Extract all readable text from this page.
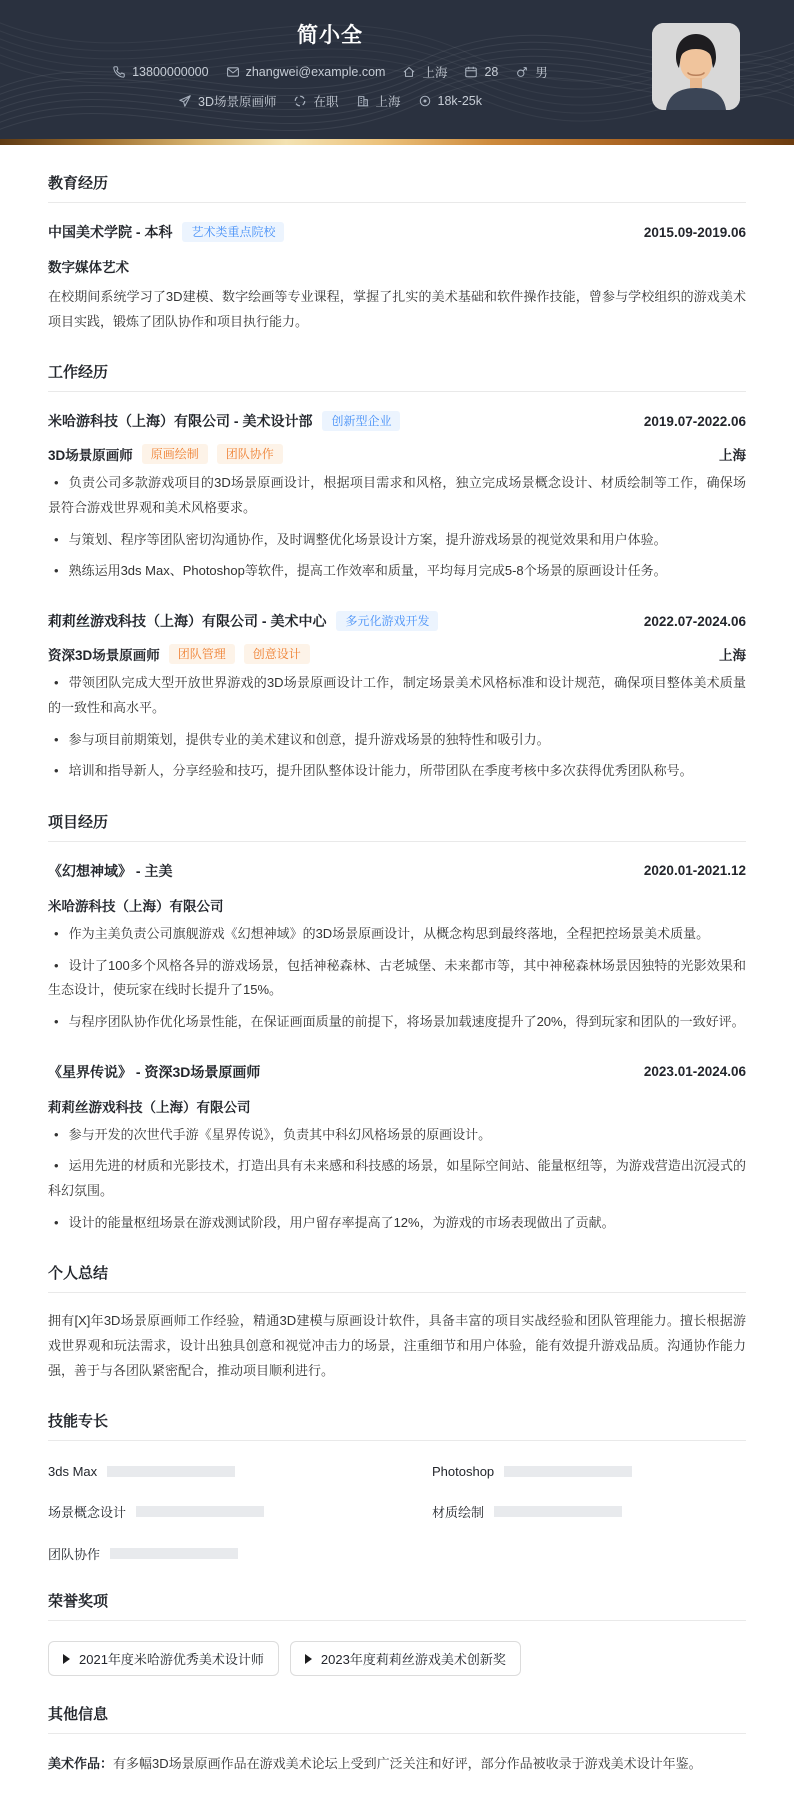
简小全
13800000000	zhangwei@example.com	上海	28	男
3D场景原画师	在职	上海	18k-25k
教育经历
中国美术学院 - 本科	艺术类重点院校	2015.09-2019.06
数字媒体艺术

在校期间系统学习了3D建模、数字绘画等专业课程，掌握了扎实的美术基础和软件操作技能，曾参与学校组织的游戏美术项目实践，锻炼了团队协作和项目执行能力。

工作经历
米哈游科技（上海）有限公司 - 美术设计部	创新型企业	2019.07-2022.06
3D场景原画师	原画绘制	团队协作	上海

• 负责公司多款游戏项目的3D场景原画设计，根据项目需求和风格，独立完成场景概念设计、材质绘制等工作，确保场景符合游戏世界观和美术风格要求。

• 与策划、程序等团队密切沟通协作，及时调整优化场景设计方案，提升游戏场景的视觉效果和用户体验。

• 熟练运用3ds Max、Photoshop等软件，提高工作效率和质量，平均每月完成5-8个场景的原画设计任务。

莉莉丝游戏科技（上海）有限公司 - 美术中心	多元化游戏开发	2022.07-2024.06
资深3D场景原画师	团队管理	创意设计	上海

• 带领团队完成大型开放世界游戏的3D场景原画设计工作，制定场景美术风格标准和设计规范，确保项目整体美术质量的一致性和高水平。

• 参与项目前期策划，提供专业的美术建议和创意，提升游戏场景的独特性和吸引力。

• 培训和指导新人，分享经验和技巧，提升团队整体设计能力，所带团队在季度考核中多次获得优秀团队称号。

项目经历
《幻想神域》 - 主美	2020.01-2021.12
米哈游科技（上海）有限公司

• 作为主美负责公司旗舰游戏《幻想神域》的3D场景原画设计，从概念构思到最终落地，全程把控场景美术质量。

• 设计了100多个风格各异的游戏场景，包括神秘森林、古老城堡、未来都市等，其中神秘森林场景因独特的光影效果和生态设计，使玩家在线时长提升了15%。

• 与程序团队协作优化场景性能，在保证画面质量的前提下，将场景加载速度提升了20%，得到玩家和团队的一致好评。

《星界传说》 - 资深3D场景原画师	2023.01-2024.06
莉莉丝游戏科技（上海）有限公司

• 参与开发的次世代手游《星界传说》，负责其中科幻风格场景的原画设计。

• 运用先进的材质和光影技术，打造出具有未来感和科技感的场景，如星际空间站、能量枢纽等，为游戏营造出沉浸式的科幻氛围。

• 设计的能量枢纽场景在游戏测试阶段，用户留存率提高了12%，为游戏的市场表现做出了贡献。

个人总结

拥有[X]年3D场景原画师工作经验，精通3D建模与原画设计软件，具备丰富的项目实战经验和团队管理能力。擅长根据游戏世界观和玩法需求，设计出独具创意和视觉冲击力的场景，注重细节和用户体验，能有效提升游戏品质。沟通协作能力强，善于与各团队紧密配合，推动项目顺利进行。

技能专长
3ds Max	Photoshop
场景概念设计	材质绘制
团队协作
荣誉奖项
2021年度米哈游优秀美术设计师	2023年度莉莉丝游戏美术创新奖
其他信息

美术作品：有多幅3D场景原画作品在游戏美术论坛上受到广泛关注和好评，部分作品被收录于游戏美术设计年鉴。
